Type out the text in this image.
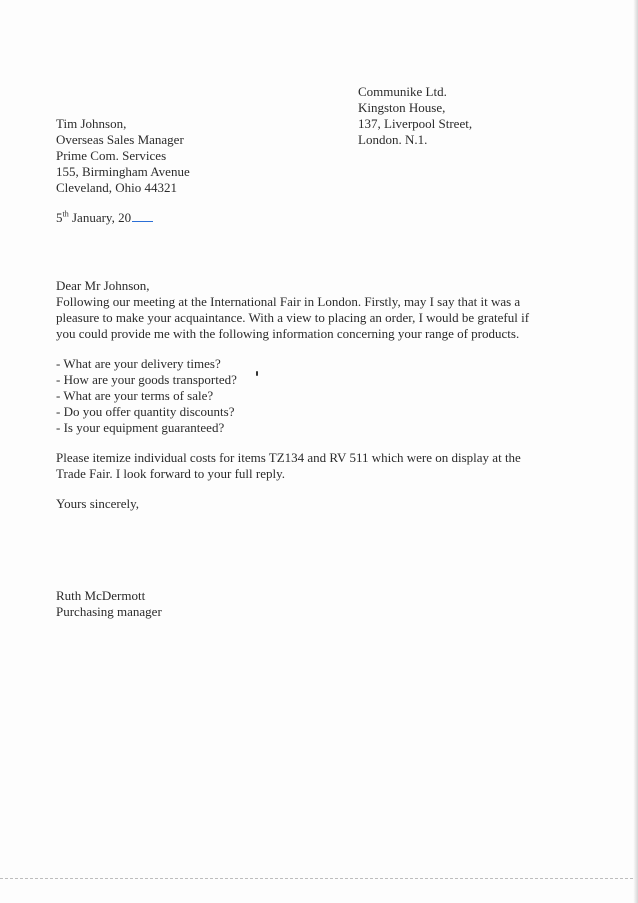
Communike Ltd.
Kingston House,
137, Liverpool Street,
London. N.1.
Tim Johnson,
Overseas Sales Manager
Prime Com. Services
155, Birmingham Avenue
Cleveland, Ohio 44321
5th January, 20
Dear Mr Johnson,
Following our meeting at the International Fair in London. Firstly, may I say that it was a
pleasure to make your acquaintance. With a view to placing an order, I would be grateful if
you could provide me with the following information concerning your range of products.
- What are your delivery times?
- How are your goods transported?
- What are your terms of sale?
- Do you offer quantity discounts?
- Is your equipment guaranteed?
Please itemize individual costs for items TZ134 and RV 511 which were on display at the
Trade Fair. I look forward to your full reply.
Yours sincerely,
Ruth McDermott
Purchasing manager
